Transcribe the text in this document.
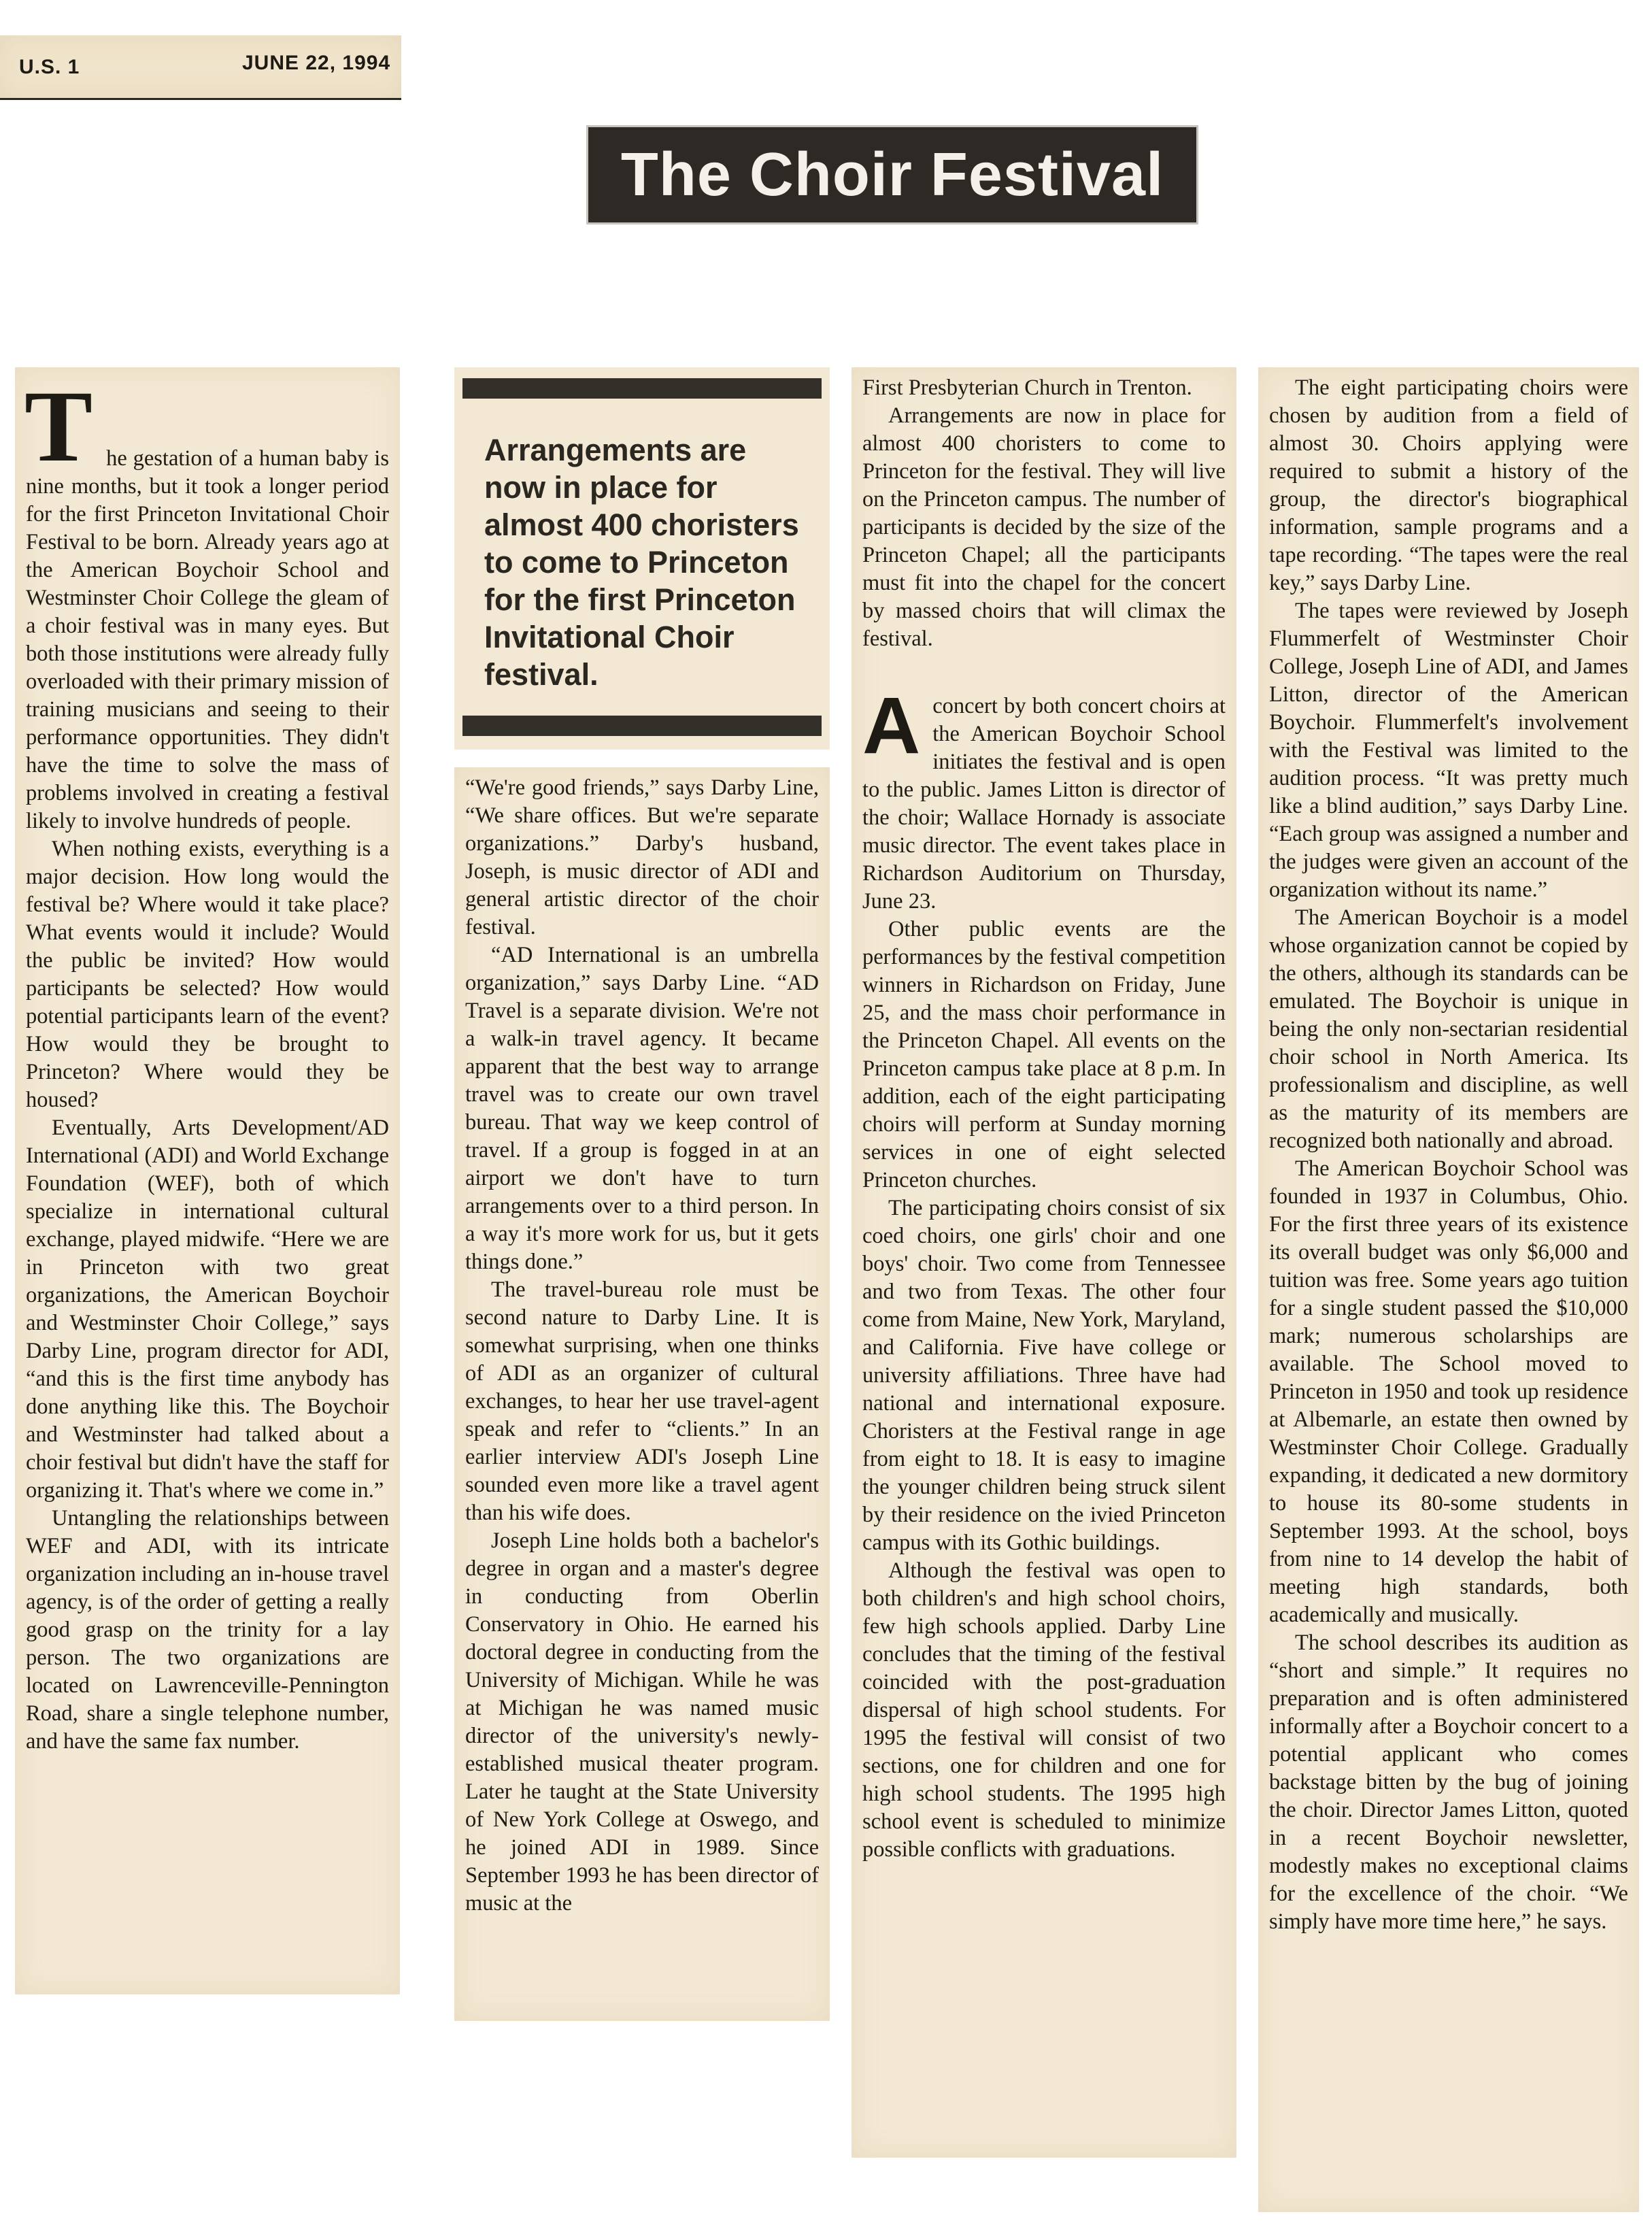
U.S. 1	JUNE 22, 1994
The Choir Festival
T he gestation of a human baby is nine months, but it took a longer period for the first Princeton Invitational Choir Festival to be born. Already years ago at the American Boychoir School and Westminster Choir College the gleam of a choir festival was in many eyes. But both those institutions were already fully overloaded with their primary mission of training musicians and seeing to their performance opportunities. They didn't have the time to solve the mass of problems involved in creating a festival likely to involve hundreds of people.

When nothing exists, everything is a major decision. How long would the festival be? Where would it take place? What events would it include? Would the public be invited? How would participants be selected? How would potential participants learn of the event? How would they be brought to Princeton? Where would they be housed?

Eventually, Arts Development/AD International (ADI) and World Exchange Foundation (WEF), both of which specialize in international cultural exchange, played midwife. “Here we are in Princeton with two great organizations, the American Boychoir and Westminster Choir College,” says Darby Line, program director for ADI, “and this is the first time anybody has done anything like this. The Boychoir and Westminster had talked about a choir festival but didn't have the staff for organizing it. That's where we come in.”

Untangling the relationships between WEF and ADI, with its intricate organization including an in-house travel agency, is of the order of getting a really good grasp on the trinity for a lay person. The two organizations are located on Lawrenceville-Pennington Road, share a single telephone number, and have the same fax number.

Arrangements are now in place for almost 400 choristers to come to Princeton for the first Princeton Invitational Choir festival.

“We're good friends,” says Darby Line, “We share offices. But we're separate organizations.” Darby's husband, Joseph, is music director of ADI and general artistic director of the choir festival.

“AD International is an umbrella organization,” says Darby Line. “AD Travel is a separate division. We're not a walk-in travel agency. It became apparent that the best way to arrange travel was to create our own travel bureau. That way we keep control of travel. If a group is fogged in at an airport we don't have to turn arrangements over to a third person. In a way it's more work for us, but it gets things done.”

The travel-bureau role must be second nature to Darby Line. It is somewhat surprising, when one thinks of ADI as an organizer of cultural exchanges, to hear her use travel-agent speak and refer to “clients.” In an earlier interview ADI's Joseph Line sounded even more like a travel agent than his wife does.

Joseph Line holds both a bachelor's degree in organ and a master's degree in conducting from Oberlin Conservatory in Ohio. He earned his doctoral degree in conducting from the University of Michigan. While he was at Michigan he was named music director of the university's newly-established musical theater program. Later he taught at the State University of New York College at Oswego, and he joined ADI in 1989. Since September 1993 he has been director of music at the

First Presbyterian Church in Trenton.

Arrangements are now in place for almost 400 choristers to come to Princeton for the festival. They will live on the Princeton campus. The number of participants is decided by the size of the Princeton Chapel; all the participants must fit into the chapel for the concert by massed choirs that will climax the festival.

A concert by both concert choirs at the American Boychoir School initiates the festival and is open to the public. James Litton is director of the choir; Wallace Hornady is associate music director. The event takes place in Richardson Auditorium on Thursday, June 23.

Other public events are the performances by the festival competition winners in Richardson on Friday, June 25, and the mass choir performance in the Princeton Chapel. All events on the Princeton campus take place at 8 p.m. In addition, each of the eight participating choirs will perform at Sunday morning services in one of eight selected Princeton churches.

The participating choirs consist of six coed choirs, one girls' choir and one boys' choir. Two come from Tennessee and two from Texas. The other four come from Maine, New York, Maryland, and California. Five have college or university affiliations. Three have had national and international exposure. Choristers at the Festival range in age from eight to 18. It is easy to imagine the younger children being struck silent by their residence on the ivied Princeton campus with its Gothic buildings.

Although the festival was open to both children's and high school choirs, few high schools applied. Darby Line concludes that the timing of the festival coincided with the post-graduation dispersal of high school students. For 1995 the festival will consist of two sections, one for children and one for high school students. The 1995 high school event is scheduled to minimize possible conflicts with graduations.

The eight participating choirs were chosen by audition from a field of almost 30. Choirs applying were required to submit a history of the group, the director's biographical information, sample programs and a tape recording. “The tapes were the real key,” says Darby Line.

The tapes were reviewed by Joseph Flummerfelt of Westminster Choir College, Joseph Line of ADI, and James Litton, director of the American Boychoir. Flummerfelt's involvement with the Festival was limited to the audition process. “It was pretty much like a blind audition,” says Darby Line. “Each group was assigned a number and the judges were given an account of the organization without its name.”

The American Boychoir is a model whose organization cannot be copied by the others, although its standards can be emulated. The Boychoir is unique in being the only non-sectarian residential choir school in North America. Its professionalism and discipline, as well as the maturity of its members are recognized both nationally and abroad.

The American Boychoir School was founded in 1937 in Columbus, Ohio. For the first three years of its existence its overall budget was only $6,000 and tuition was free. Some years ago tuition for a single student passed the $10,000 mark; numerous scholarships are available. The School moved to Princeton in 1950 and took up residence at Albemarle, an estate then owned by Westminster Choir College. Gradually expanding, it dedicated a new dormitory to house its 80-some students in September 1993. At the school, boys from nine to 14 develop the habit of meeting high standards, both academically and musically.

The school describes its audition as “short and simple.” It requires no preparation and is often administered informally after a Boychoir concert to a potential applicant who comes backstage bitten by the bug of joining the choir. Director James Litton, quoted in a recent Boychoir newsletter, modestly makes no exceptional claims for the excellence of the choir. “We simply have more time here,” he says.
